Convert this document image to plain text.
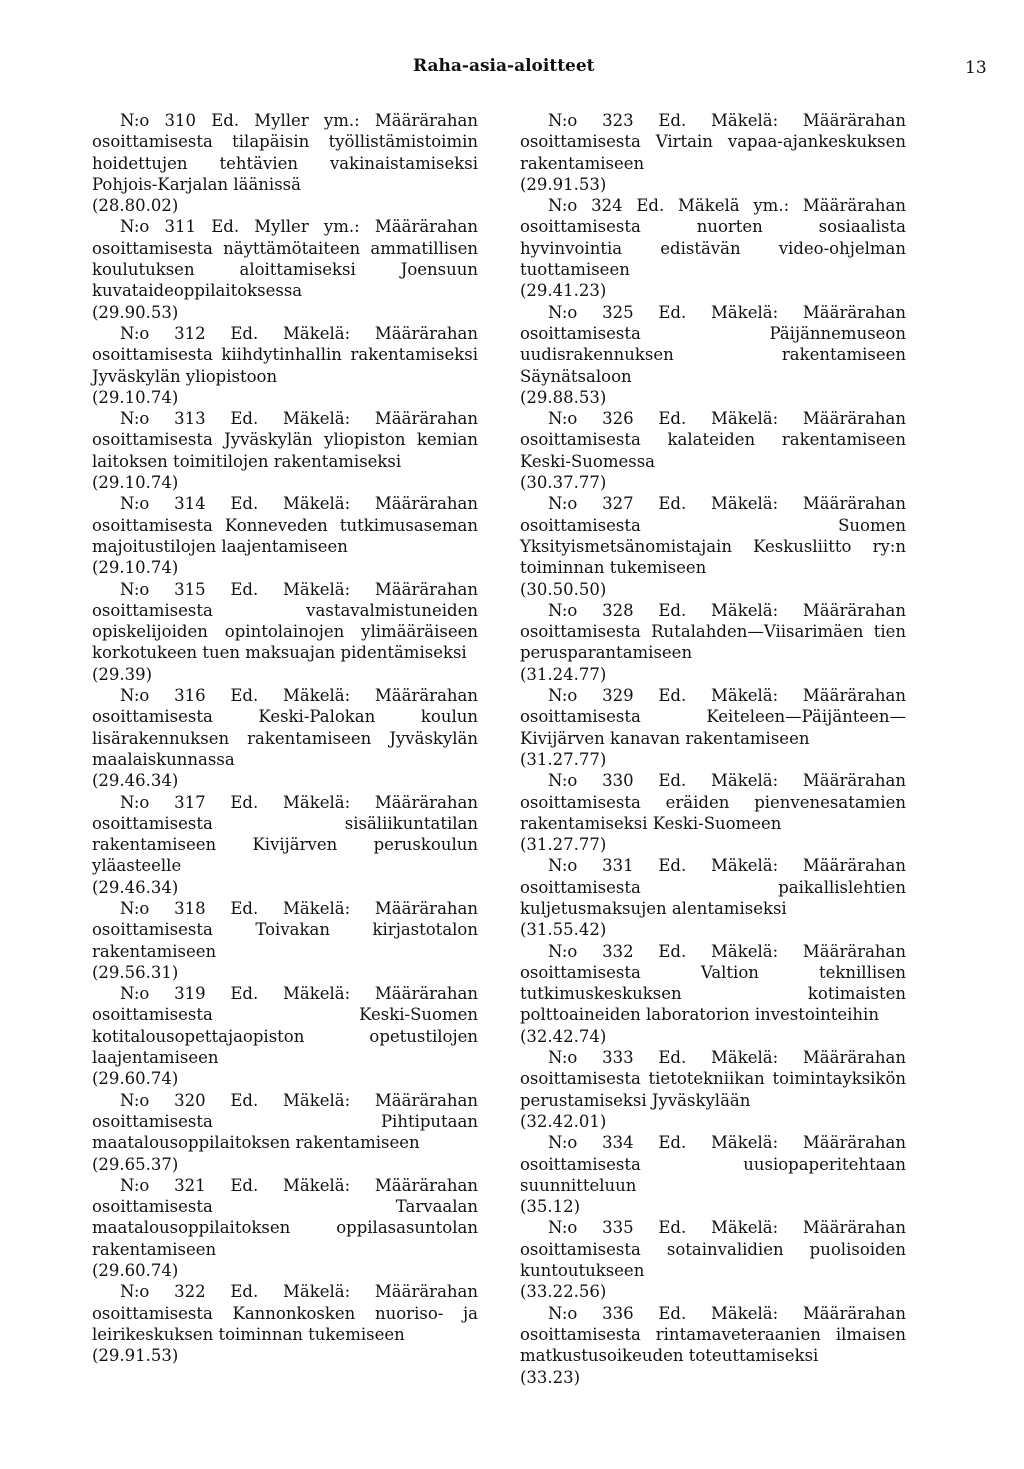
Raha-asia-aloitteet	13
N:o 310 Ed. Myller ym.: Määrärahan osoittamisesta tilapäisin työllistämistoimin hoidettujen tehtävien vakinaistamiseksi Pohjois-Karjalan läänissä
(28.80.02)
N:o 311 Ed. Myller ym.: Määrärahan osoittamisesta näyttämötaiteen ammatillisen koulutuksen aloittamiseksi Joensuun kuvataideoppilaitoksessa
(29.90.53)
N:o 312 Ed. Mäkelä: Määrärahan osoittamisesta kiihdytinhallin rakentamiseksi Jyväskylän yliopistoon
(29.10.74)
N:o 313 Ed. Mäkelä: Määrärahan osoittamisesta Jyväskylän yliopiston kemian laitoksen toimitilojen rakentamiseksi
(29.10.74)
N:o 314 Ed. Mäkelä: Määrärahan osoittamisesta Konneveden tutkimusaseman majoitustilojen laajentamiseen
(29.10.74)
N:o 315 Ed. Mäkelä: Määrärahan osoittamisesta vastavalmistuneiden opiskelijoiden opintolainojen ylimääräiseen korkotukeen tuen maksuajan pidentämiseksi
(29.39)
N:o 316 Ed. Mäkelä: Määrärahan osoittamisesta Keski-Palokan koulun lisärakennuksen rakentamiseen Jyväskylän maalaiskunnassa
(29.46.34)
N:o 317 Ed. Mäkelä: Määrärahan osoittamisesta sisäliikuntatilan rakentamiseen Kivijärven peruskoulun yläasteelle
(29.46.34)
N:o 318 Ed. Mäkelä: Määrärahan osoittamisesta Toivakan kirjastotalon rakentamiseen
(29.56.31)
N:o 319 Ed. Mäkelä: Määrärahan osoittamisesta Keski-Suomen kotitalousopettajaopiston opetustilojen laajentamiseen
(29.60.74)
N:o 320 Ed. Mäkelä: Määrärahan osoittamisesta Pihtiputaan maatalousoppilaitoksen rakentamiseen
(29.65.37)
N:o 321 Ed. Mäkelä: Määrärahan osoittamisesta Tarvaalan maatalousoppilaitoksen oppilasasuntolan rakentamiseen
(29.60.74)
N:o 322 Ed. Mäkelä: Määrärahan osoittamisesta Kannonkosken nuoriso- ja leirikeskuksen toiminnan tukemiseen
(29.91.53)
N:o 323 Ed. Mäkelä: Määrärahan osoittamisesta Virtain vapaa-ajankeskuksen rakentamiseen
(29.91.53)
N:o 324 Ed. Mäkelä ym.: Määrärahan osoittamisesta nuorten sosiaalista hyvinvointia edistävän video-ohjelman tuottamiseen
(29.41.23)
N:o 325 Ed. Mäkelä: Määrärahan osoittamisesta Päijännemuseon uudisrakennuksen rakentamiseen Säynätsaloon
(29.88.53)
N:o 326 Ed. Mäkelä: Määrärahan osoittamisesta kalateiden rakentamiseen Keski-Suomessa
(30.37.77)
N:o 327 Ed. Mäkelä: Määrärahan osoittamisesta Suomen Yksityismetsänomistajain Keskusliitto ry:n toiminnan tukemiseen
(30.50.50)
N:o 328 Ed. Mäkelä: Määrärahan osoittamisesta Rutalahden—Viisarimäen tien perusparantamiseen
(31.24.77)
N:o 329 Ed. Mäkelä: Määrärahan osoittamisesta Keiteleen—Päijänteen—Kivijärven kanavan rakentamiseen
(31.27.77)
N:o 330 Ed. Mäkelä: Määrärahan osoittamisesta eräiden pienvenesatamien rakentamiseksi Keski-Suomeen
(31.27.77)
N:o 331 Ed. Mäkelä: Määrärahan osoittamisesta paikallislehtien kuljetusmaksujen alentamiseksi
(31.55.42)
N:o 332 Ed. Mäkelä: Määrärahan osoittamisesta Valtion teknillisen tutkimuskeskuksen kotimaisten polttoaineiden laboratorion investointeihin
(32.42.74)
N:o 333 Ed. Mäkelä: Määrärahan osoittamisesta tietotekniikan toimintayksikön perustamiseksi Jyväskylään
(32.42.01)
N:o 334 Ed. Mäkelä: Määrärahan osoittamisesta uusiopaperitehtaan suunnitteluun
(35.12)
N:o 335 Ed. Mäkelä: Määrärahan osoittamisesta sotainvalidien puolisoiden kuntoutukseen
(33.22.56)
N:o 336 Ed. Mäkelä: Määrärahan osoittamisesta rintamaveteraanien ilmaisen matkustusoikeuden toteuttamiseksi
(33.23)
